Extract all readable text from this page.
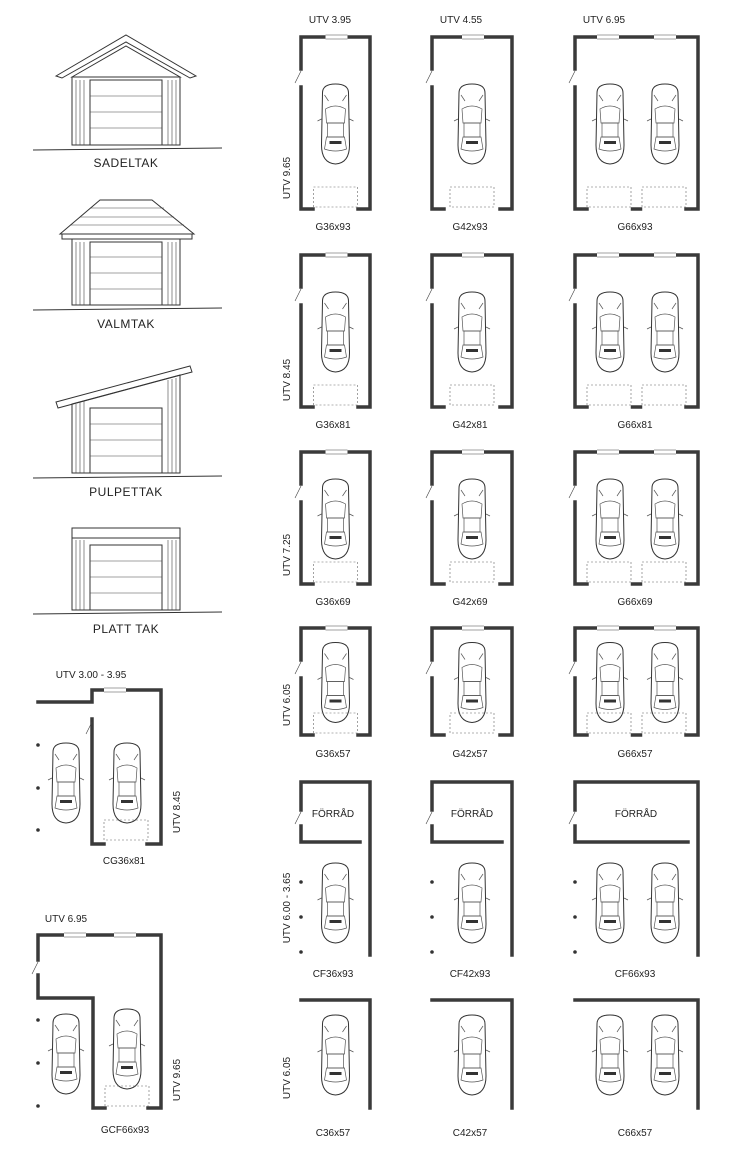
SADELTAK
VALMTAK
PULPETTAK
PLATT TAK
UTV 3.95	UTV 4.55	UTV 6.95
UTV 9.65
UTV 8.45
UTV 7.25
UTV 6.05
UTV 6.00 - 3.65
UTV 6.05
G36x93	G42x93	G66x93
G36x81	G42x81	G66x81
G36x69	G42x69	G66x69
G36x57	G42x57	G66x57
CF36x93	CF42x93	CF66x93
C36x57	C42x57	C66x57
FÖRRÅD	FÖRRÅD	FÖRRÅD
UTV 3.00 - 3.95
UTV 8.45
CG36x81
UTV 6.95
UTV 9.65
GCF66x93
